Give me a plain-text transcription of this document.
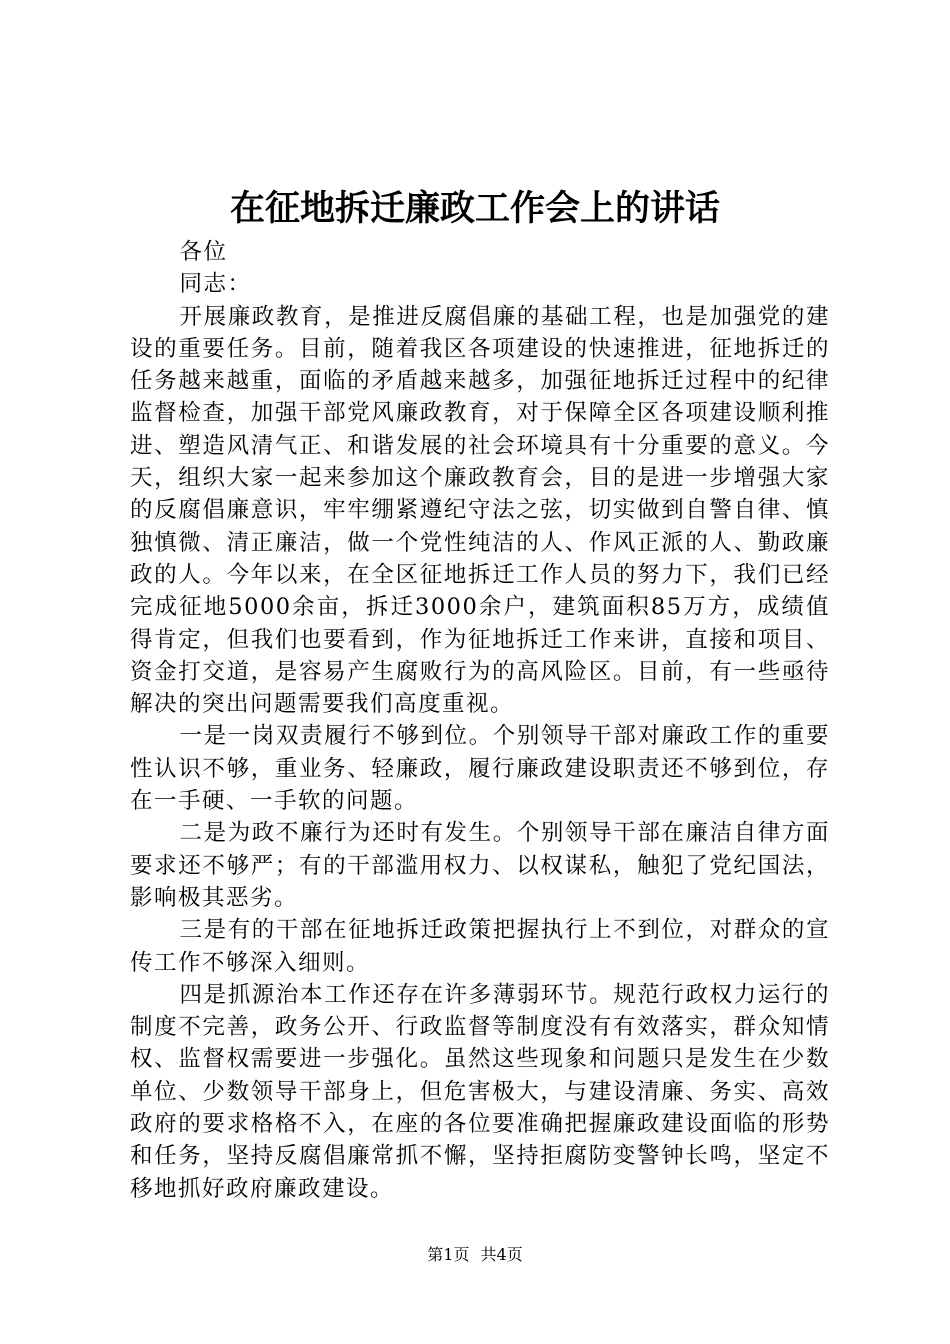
在征地拆迁廉政工作会上的讲话

各位

同志：

开展廉政教育，是推进反腐倡廉的基础工程，也是加强党的建设的重要任务。目前，随着我区各项建设的快速推进，征地拆迁的任务越来越重，面临的矛盾越来越多，加强征地拆迁过程中的纪律监督检查，加强干部党风廉政教育，对于保障全区各项建设顺利推进、塑造风清气正、和谐发展的社会环境具有十分重要的意义。今天，组织大家一起来参加这个廉政教育会，目的是进一步增强大家的反腐倡廉意识，牢牢绷紧遵纪守法之弦，切实做到自警自律、慎独慎微、清正廉洁，做一个党性纯洁的人、作风正派的人、勤政廉政的人。今年以来，在全区征地拆迁工作人员的努力下，我们已经完成征地5000余亩，拆迁3000余户，建筑面积85万方，成绩值得肯定，但我们也要看到，作为征地拆迁工作来讲，直接和项目、资金打交道，是容易产生腐败行为的高风险区。目前，有一些亟待解决的突出问题需要我们高度重视。

一是一岗双责履行不够到位。个别领导干部对廉政工作的重要性认识不够，重业务、轻廉政，履行廉政建设职责还不够到位，存在一手硬、一手软的问题。

二是为政不廉行为还时有发生。个别领导干部在廉洁自律方面要求还不够严；有的干部滥用权力、以权谋私，触犯了党纪国法，影响极其恶劣。

三是有的干部在征地拆迁政策把握执行上不到位，对群众的宣传工作不够深入细则。

四是抓源治本工作还存在许多薄弱环节。规范行政权力运行的制度不完善，政务公开、行政监督等制度没有有效落实，群众知情权、监督权需要进一步强化。虽然这些现象和问题只是发生在少数单位、少数领导干部身上，但危害极大，与建设清廉、务实、高效政府的要求格格不入，在座的各位要准确把握廉政建设面临的形势和任务，坚持反腐倡廉常抓不懈，坚持拒腐防变警钟长鸣，坚定不移地抓好政府廉政建设。

第1页 共4页
